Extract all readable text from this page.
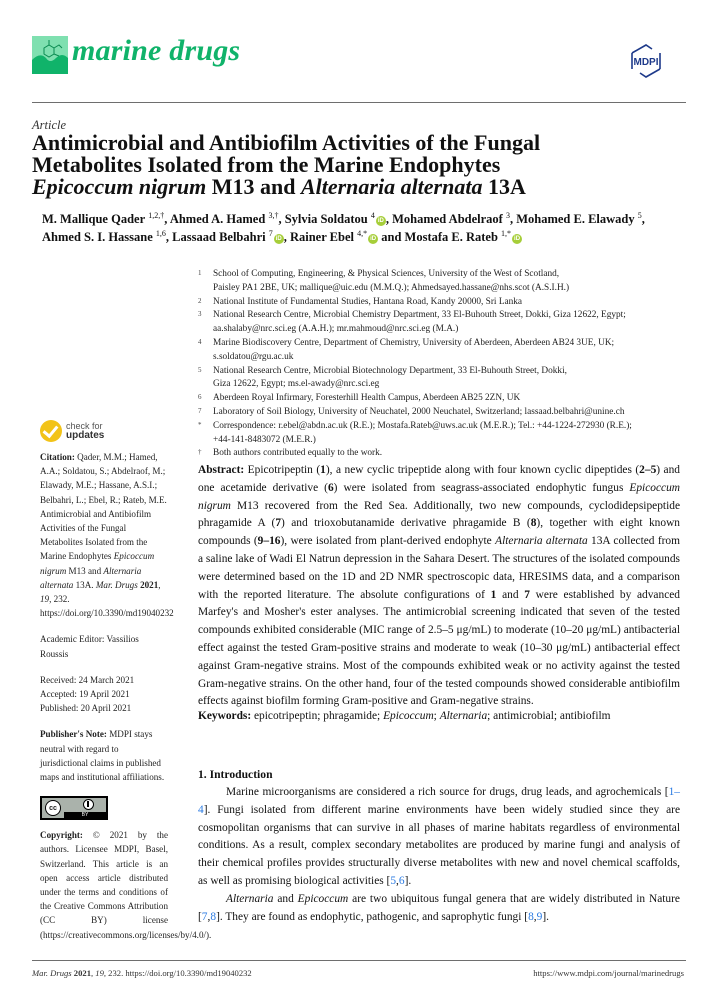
marine drugs	MDPI
Article
Antimicrobial and Antibiofilm Activities of the Fungal
Metabolites Isolated from the Marine Endophytes
Epicoccum nigrum M13 and Alternaria alternata 13A
M. Mallique Qader $^{1,2,\dagger}$, Ahmed A. Hamed $^{3,\dagger}$, Sylvia Soldatou $^4$iD , Mohamed Abdelraof $^3$, Mohamed E. Elawady $^5$, Ahmed S. I. Hassane $^{1,6}$, Lassaad Belbahri $^7$iD , Rainer Ebel $^{4,*}$iD and Mostafa E. Rateb $^{1,*}$iD
1 School of Computing, Engineering, & Physical Sciences, University of the West of Scotland,
Paisley PA1 2BE, UK; mallique@uic.edu (M.M.Q.); Ahmedsayed.hassane@nhs.scot (A.S.I.H.)
2 National Institute of Fundamental Studies, Hantana Road, Kandy 20000, Sri Lanka
3 National Research Centre, Microbial Chemistry Department, 33 El-Buhouth Street, Dokki, Giza 12622, Egypt;
aa.shalaby@nrc.sci.eg (A.A.H.); mr.mahmoud@nrc.sci.eg (M.A.)
4 Marine Biodiscovery Centre, Department of Chemistry, University of Aberdeen, Aberdeen AB24 3UE, UK;
s.soldatou@rgu.ac.uk
5 National Research Centre, Microbial Biotechnology Department, 33 El-Buhouth Street, Dokki,
Giza 12622, Egypt; ms.el-awady@nrc.sci.eg
6 Aberdeen Royal Infirmary, Foresterhill Health Campus, Aberdeen AB25 2ZN, UK
7 Laboratory of Soil Biology, University of Neuchatel, 2000 Neuchatel, Switzerland; lassaad.belbahri@unine.ch
* Correspondence: r.ebel@abdn.ac.uk (R.E.); Mostafa.Rateb@uws.ac.uk (M.E.R.); Tel.: +44-1224-272930 (R.E.);
+44-141-8483072 (M.E.R.)
† Both authors contributed equally to the work.
check for
updates
Citation: Qader, M.M.; Hamed, A.A.; Soldatou, S.; Abdelraof, M.; Elawady, M.E.; Hassane, A.S.I.; Belbahri, L.; Ebel, R.; Rateb, M.E. Antimicrobial and Antibiofilm Activities of the Fungal Metabolites Isolated from the Marine Endophytes Epicoccum nigrum M13 and Alternaria alternata 13A. Mar. Drugs 2021, 19, 232. https://doi.org/10.3390/md19040232
Academic Editor: Vassilios Roussis
Received: 24 March 2021
Accepted: 19 April 2021
Published: 20 April 2021
Publisher's Note: MDPI stays neutral with regard to jurisdictional claims in published maps and institutional affiliations.
cc
BY
Copyright: © 2021 by the authors. Licensee MDPI, Basel, Switzerland. This article is an open access article distributed under the terms and conditions of the Creative Commons Attribution (CC BY) license (https://creativecommons.org/licenses/by/4.0/).
Abstract: Epicotripeptin (1), a new cyclic tripeptide along with four known cyclic dipeptides (2–5) and one acetamide derivative (6) were isolated from seagrass-associated endophytic fungus Epicoccum nigrum M13 recovered from the Red Sea. Additionally, two new compounds, cyclodidepsipeptide phragamide A (7) and trioxobutanamide derivative phragamide B (8), together with eight known compounds (9–16), were isolated from plant-derived endophyte Alternaria alternata 13A collected from a saline lake of Wadi El Natrun depression in the Sahara Desert. The structures of the isolated compounds were determined based on the 1D and 2D NMR spectroscopic data, HRESIMS data, and a comparison with the reported literature. The absolute configurations of 1 and 7 were established by advanced Marfey's and Mosher's ester analyses. The antimicrobial screening indicated that seven of the tested compounds exhibited considerable (MIC range of 2.5–5 μg/mL) to moderate (10–20 μg/mL) antibacterial effect against the tested Gram-positive strains and moderate to weak (10–30 μg/mL) antibacterial effect against Gram-negative strains. Most of the compounds exhibited weak or no activity against the tested Gram-negative strains. On the other hand, four of the tested compounds showed considerable antibiofilm effects against biofilm forming Gram-positive and Gram-negative strains.
Keywords: epicotripeptin; phragamide; Epicoccum; Alternaria; antimicrobial; antibiofilm
1. Introduction

Marine microorganisms are considered a rich source for drugs, drug leads, and agrochemicals [1–4]. Fungi isolated from different marine environments have been widely studied since they are cosmopolitan organisms that can survive in all phases of marine habitats regardless of environmental conditions. As a result, complex secondary metabolites are produced by marine fungi and analysis of their chemical profiles provides structurally diverse metabolites with new and novel chemical scaffolds, as well as promising biological activities [5,6].

Alternaria and Epicoccum are two ubiquitous fungal genera that are widely distributed in Nature [7,8]. They are found as endophytic, pathogenic, and saprophytic fungi [8,9].

Mar. Drugs 2021, 19, 232. https://doi.org/10.3390/md19040232	https://www.mdpi.com/journal/marinedrugs
